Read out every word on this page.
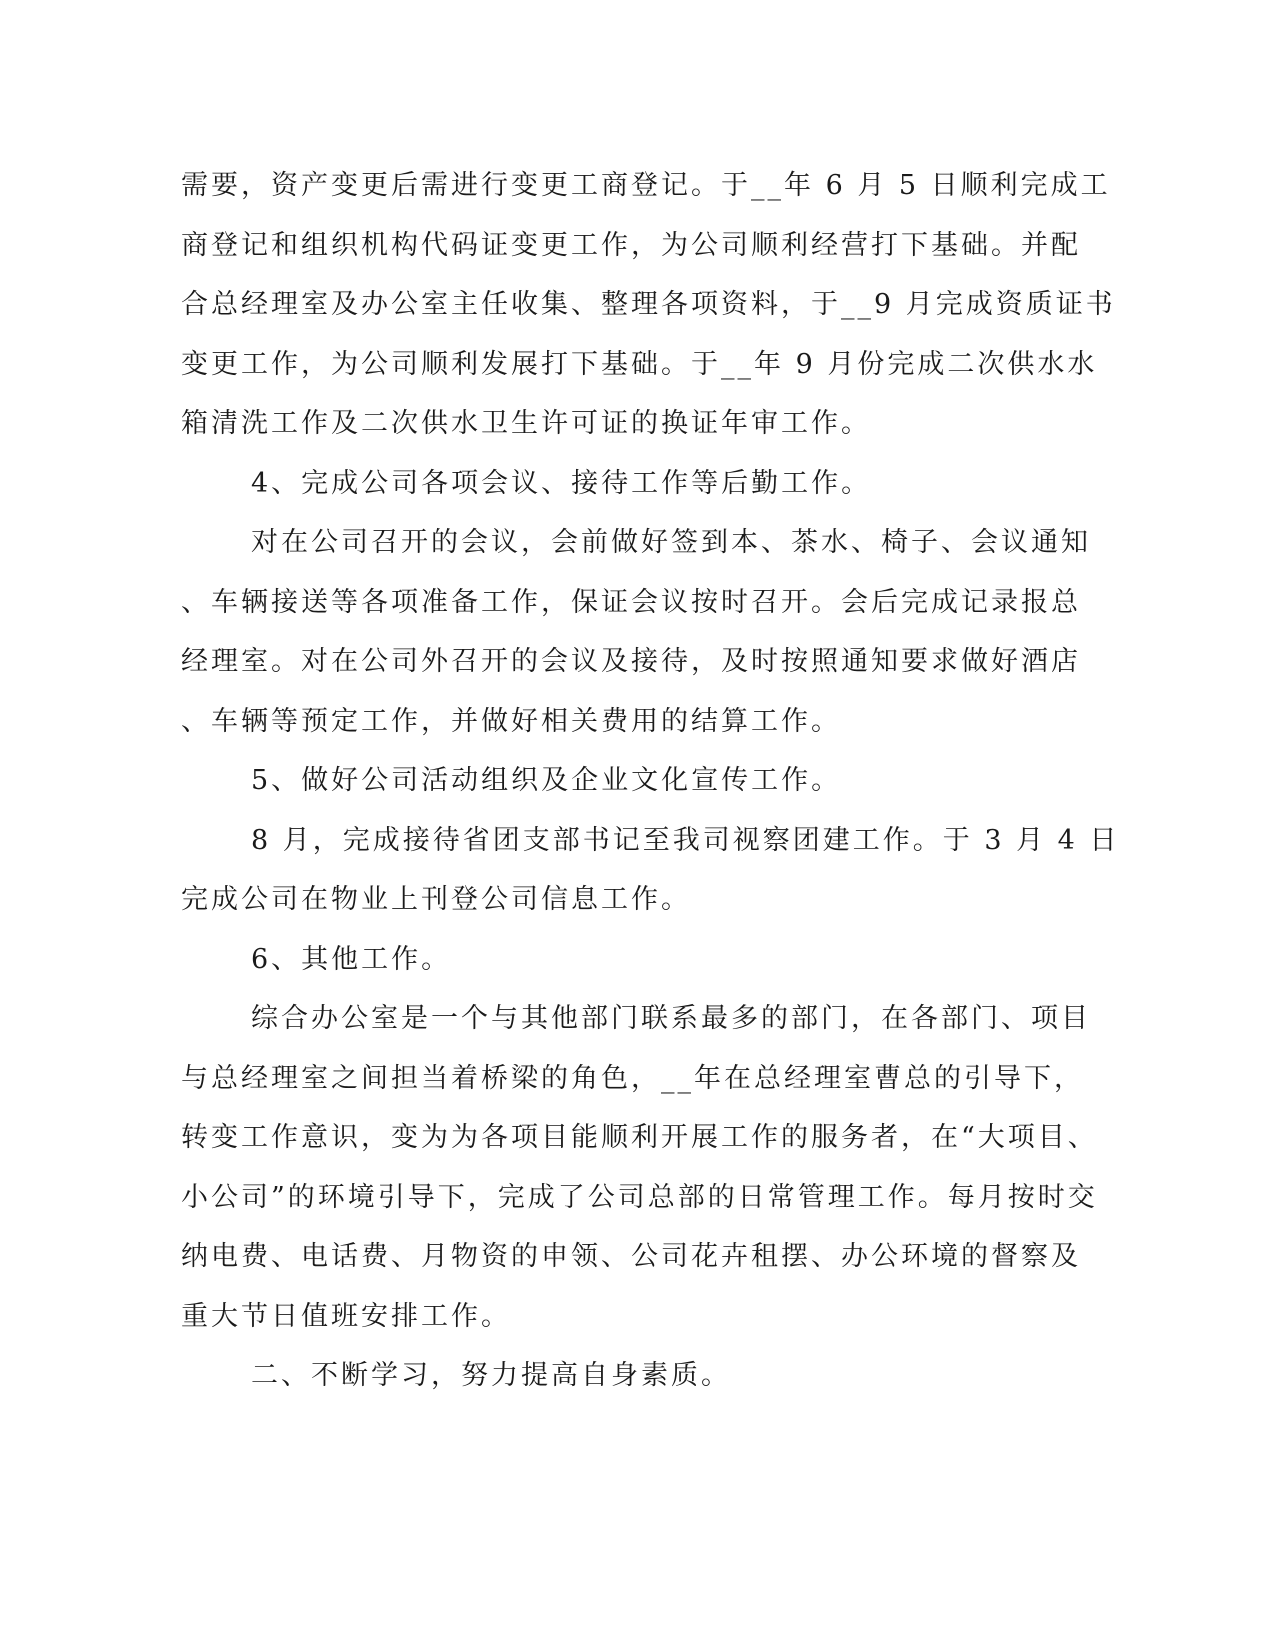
需要，资产变更后需进行变更工商登记。于__年 6 月 5 日顺利完成工
商登记和组织机构代码证变更工作，为公司顺利经营打下基础。并配
合总经理室及办公室主任收集、整理各项资料，于__9 月完成资质证书
变更工作，为公司顺利发展打下基础。于__年 9 月份完成二次供水水
箱清洗工作及二次供水卫生许可证的换证年审工作。
4、完成公司各项会议、接待工作等后勤工作。
对在公司召开的会议，会前做好签到本、茶水、椅子、会议通知
、车辆接送等各项准备工作，保证会议按时召开。会后完成记录报总
经理室。对在公司外召开的会议及接待，及时按照通知要求做好酒店
、车辆等预定工作，并做好相关费用的结算工作。
5、做好公司活动组织及企业文化宣传工作。
8 月，完成接待省团支部书记至我司视察团建工作。于 3 月 4 日
完成公司在物业上刊登公司信息工作。
6、其他工作。
综合办公室是一个与其他部门联系最多的部门，在各部门、项目
与总经理室之间担当着桥梁的角色，__年在总经理室曹总的引导下，
转变工作意识，变为为各项目能顺利开展工作的服务者，在“大项目、
小公司”的环境引导下，完成了公司总部的日常管理工作。每月按时交
纳电费、电话费、月物资的申领、公司花卉租摆、办公环境的督察及
重大节日值班安排工作。
二、不断学习，努力提高自身素质。
